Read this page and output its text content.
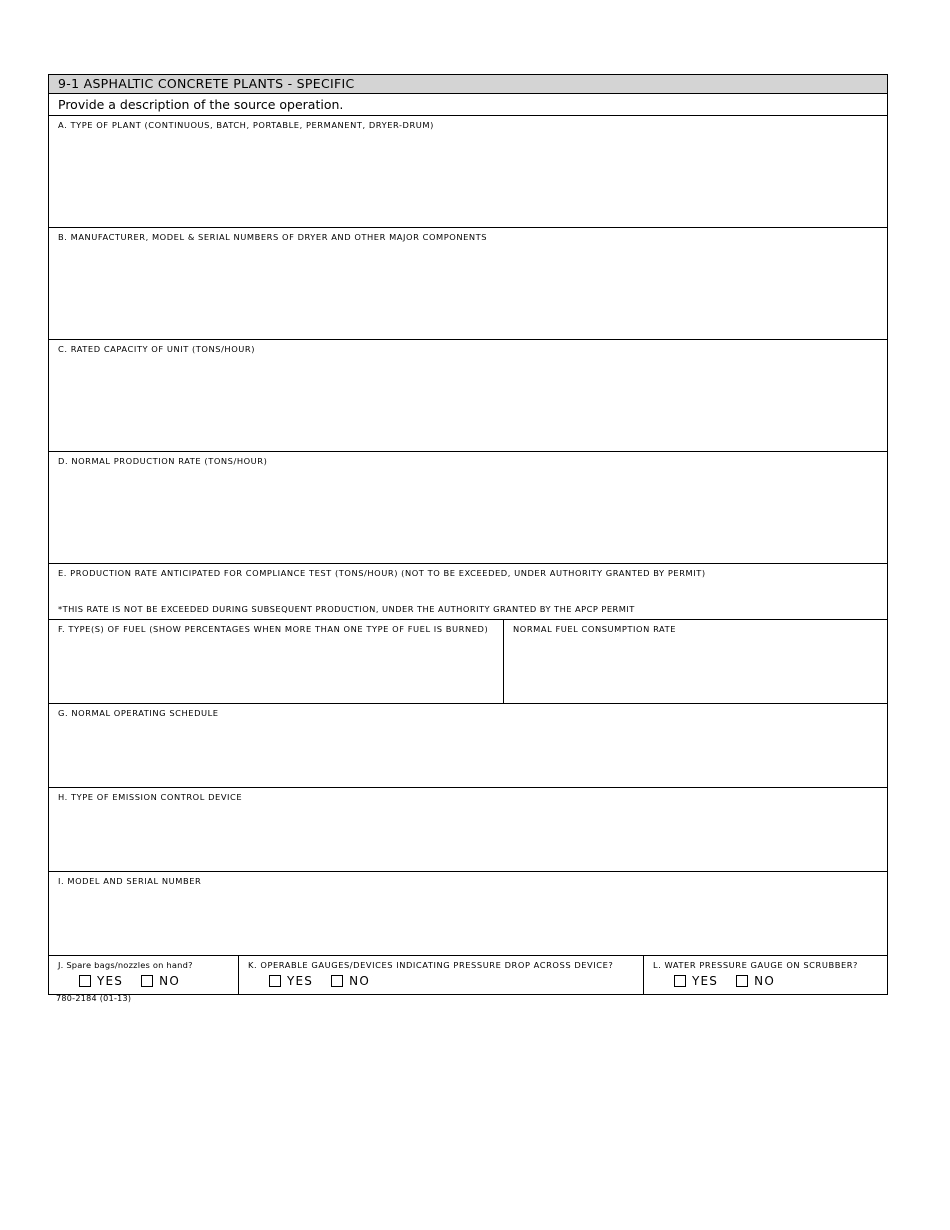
9-1 ASPHALTIC CONCRETE PLANTS - SPECIFIC
Provide a description of the source operation.
A. TYPE OF PLANT (CONTINUOUS, BATCH, PORTABLE, PERMANENT, DRYER-DRUM)
B. MANUFACTURER, MODEL & SERIAL NUMBERS OF DRYER AND OTHER MAJOR COMPONENTS
C. RATED CAPACITY OF UNIT (TONS/HOUR)
D. NORMAL PRODUCTION RATE (TONS/HOUR)
E. PRODUCTION RATE ANTICIPATED FOR COMPLIANCE TEST (TONS/HOUR) (NOT TO BE EXCEEDED, UNDER AUTHORITY GRANTED BY PERMIT)
*THIS RATE IS NOT BE EXCEEDED DURING SUBSEQUENT PRODUCTION, UNDER THE AUTHORITY GRANTED BY THE APCP PERMIT
F. TYPE(S) OF FUEL (SHOW PERCENTAGES WHEN MORE THAN ONE TYPE OF FUEL IS BURNED)	NORMAL FUEL CONSUMPTION RATE
G. NORMAL OPERATING SCHEDULE
H. TYPE OF EMISSION CONTROL DEVICE
I. MODEL AND SERIAL NUMBER
J. Spare bags/nozzles on hand?
YES	NO
K. OPERABLE GAUGES/DEVICES INDICATING PRESSURE DROP ACROSS DEVICE?
YES	NO
L. WATER PRESSURE GAUGE ON SCRUBBER?
YES	NO
780-2184 (01-13)
